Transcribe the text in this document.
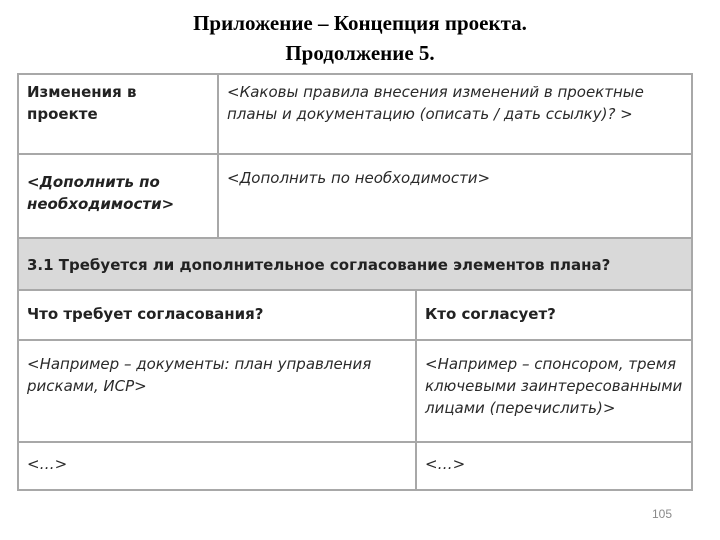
Приложение – Концепция проекта.
Продолжение 5.
Изменения в проекте
<Каковы правила внесения изменений в проектные планы и документацию (описать / дать ссылку)? >
<Дополнить по необходимости>
<Дополнить по необходимости>
3.1 Требуется ли дополнительное согласование элементов плана?
Что требует согласования?	Кто согласует?
<Например – документы: план управления рисками, ИСР>
<Например – спонсором, тремя ключевыми заинтересованными лицами (перечислить)>
<…>	<…>
105
